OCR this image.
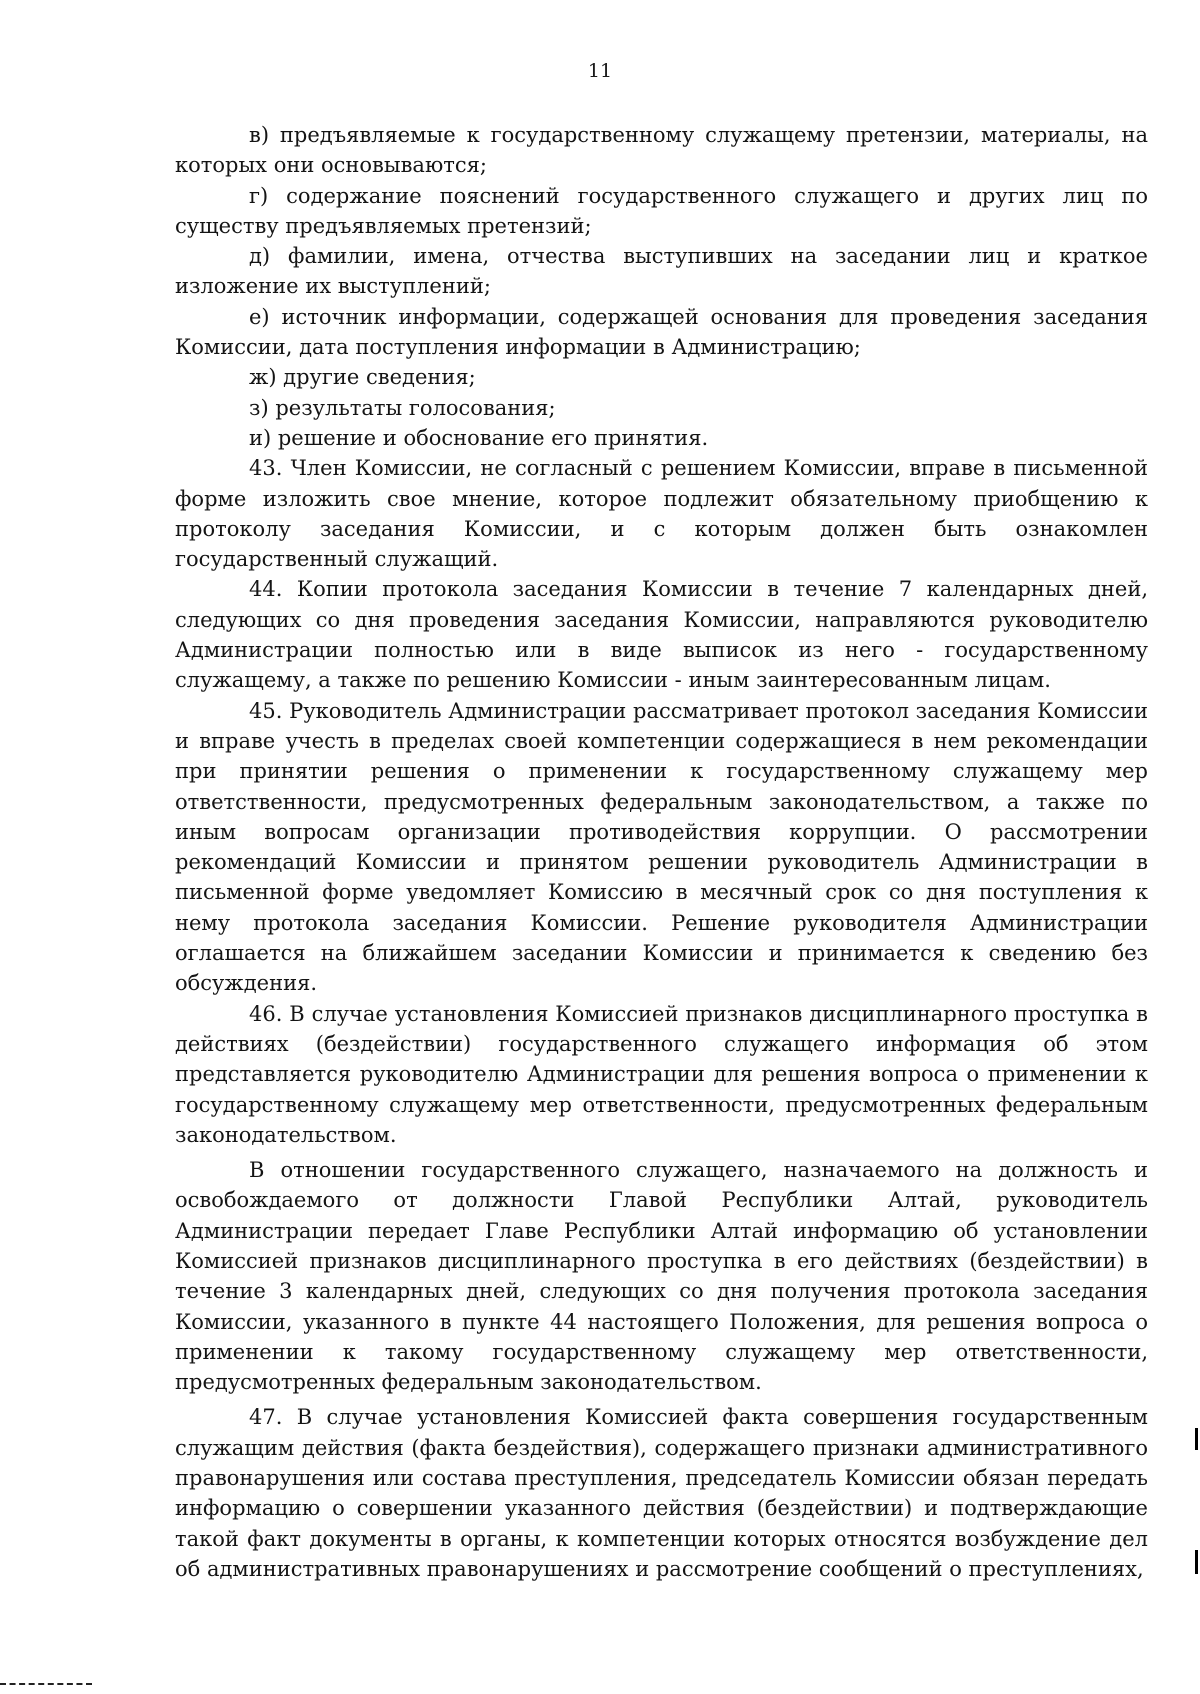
11

в) предъявляемые к государственному служащему претензии, материалы, на которых они основываются;

г) содержание пояснений государственного служащего и других лиц по существу предъявляемых претензий;

д) фамилии, имена, отчества выступивших на заседании лиц и краткое изложение их выступлений;

е) источник информации, содержащей основания для проведения заседания Комиссии, дата поступления информации в Администрацию;

ж) другие сведения;

з) результаты голосования;

и) решение и обоснование его принятия.

43. Член Комиссии, не согласный с решением Комиссии, вправе в письменной форме изложить свое мнение, которое подлежит обязательному приобщению к протоколу заседания Комиссии, и с которым должен быть ознакомлен государственный служащий.

44. Копии протокола заседания Комиссии в течение 7 календарных дней, следующих со дня проведения заседания Комиссии, направляются руководителю Администрации полностью или в виде выписок из него - государственному служащему, а также по решению Комиссии - иным заинтересованным лицам.

45. Руководитель Администрации рассматривает протокол заседания Комиссии и вправе учесть в пределах своей компетенции содержащиеся в нем рекомендации при принятии решения о применении к государственному служащему мер ответственности, предусмотренных федеральным законодательством, а также по иным вопросам организации противодействия коррупции. О рассмотрении рекомендаций Комиссии и принятом решении руководитель Администрации в письменной форме уведомляет Комиссию в месячный срок со дня поступления к нему протокола заседания Комиссии. Решение руководителя Администрации оглашается на ближайшем заседании Комиссии и принимается к сведению без обсуждения.

46. В случае установления Комиссией признаков дисциплинарного проступка в действиях (бездействии) государственного служащего информация об этом представляется руководителю Администрации для решения вопроса о применении к государственному служащему мер ответственности, предусмотренных федеральным законодательством.

В отношении государственного служащего, назначаемого на должность и освобождаемого от должности Главой Республики Алтай, руководитель Администрации передает Главе Республики Алтай информацию об установлении Комиссией признаков дисциплинарного проступка в его действиях (бездействии) в течение 3 календарных дней, следующих со дня получения протокола заседания Комиссии, указанного в пункте 44 настоящего Положения, для решения вопроса о применении к такому государственному служащему мер ответственности, предусмотренных федеральным законодательством.

47. В случае установления Комиссией факта совершения государственным служащим действия (факта бездействия), содержащего признаки административного правонарушения или состава преступления, председатель Комиссии обязан передать информацию о совершении указанного действия (бездействии) и подтверждающие такой факт документы в органы, к компетенции которых относятся возбуждение дел об административных правонарушениях и рассмотрение сообщений о преступлениях,
